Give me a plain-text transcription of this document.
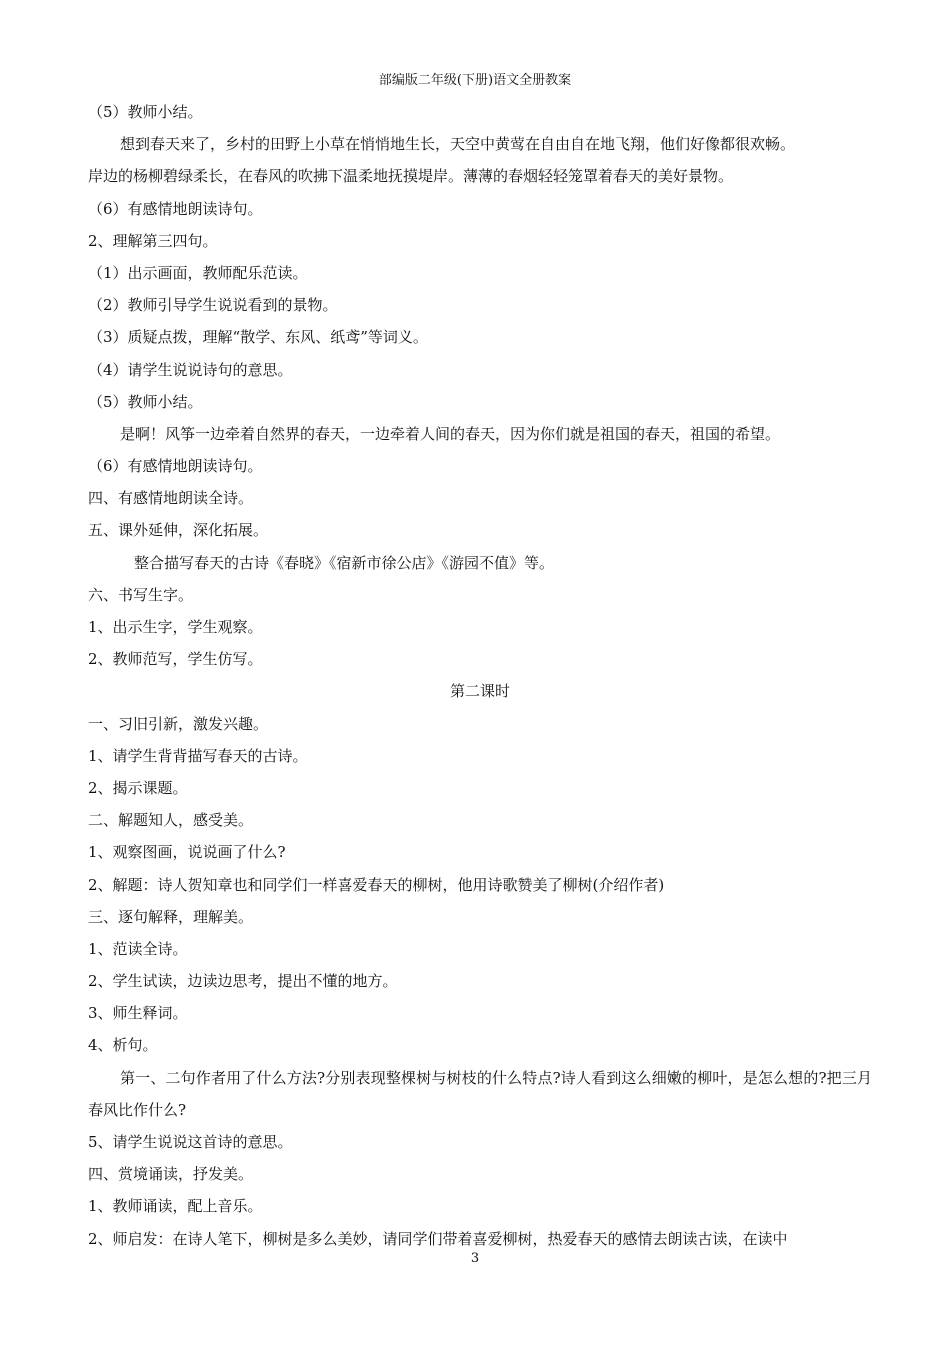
部编版二年级(下册)语文全册教案
（5）教师小结。
想到春天来了，乡村的田野上小草在悄悄地生长，天空中黄莺在自由自在地飞翔，他们好像都很欢畅。
岸边的杨柳碧绿柔长，在春风的吹拂下温柔地抚摸堤岸。薄薄的春烟轻轻笼罩着春天的美好景物。
（6）有感情地朗读诗句。
2、理解第三四句。
（1）出示画面，教师配乐范读。
（2）教师引导学生说说看到的景物。
（3）质疑点拨，理解“散学、东风、纸鸢”等词义。
（4）请学生说说诗句的意思。
（5）教师小结。
是啊！风筝一边牵着自然界的春天，一边牵着人间的春天，因为你们就是祖国的春天，祖国的希望。
（6）有感情地朗读诗句。
四、有感情地朗读全诗。
五、课外延伸，深化拓展。
整合描写春天的古诗《春晓》《宿新市徐公店》《游园不值》等。
六、书写生字。
1、出示生字，学生观察。
2、教师范写，学生仿写。
第二课时
一、习旧引新，激发兴趣。
1、请学生背背描写春天的古诗。
2、揭示课题。
二、解题知人，感受美。
1、观察图画，说说画了什么?
2、解题：诗人贺知章也和同学们一样喜爱春天的柳树，他用诗歌赞美了柳树(介绍作者)
三、逐句解释，理解美。
1、范读全诗。
2、学生试读，边读边思考，提出不懂的地方。
3、师生释词。
4、析句。
第一、二句作者用了什么方法?分别表现整棵树与树枝的什么特点?诗人看到这么细嫩的柳叶，是怎么想的?把三月春风比作什么?
5、请学生说说这首诗的意思。
四、赏境诵读，抒发美。
1、教师诵读，配上音乐。
2、师启发：在诗人笔下，柳树是多么美妙，请同学们带着喜爱柳树，热爱春天的感情去朗读古读，在读中
3
